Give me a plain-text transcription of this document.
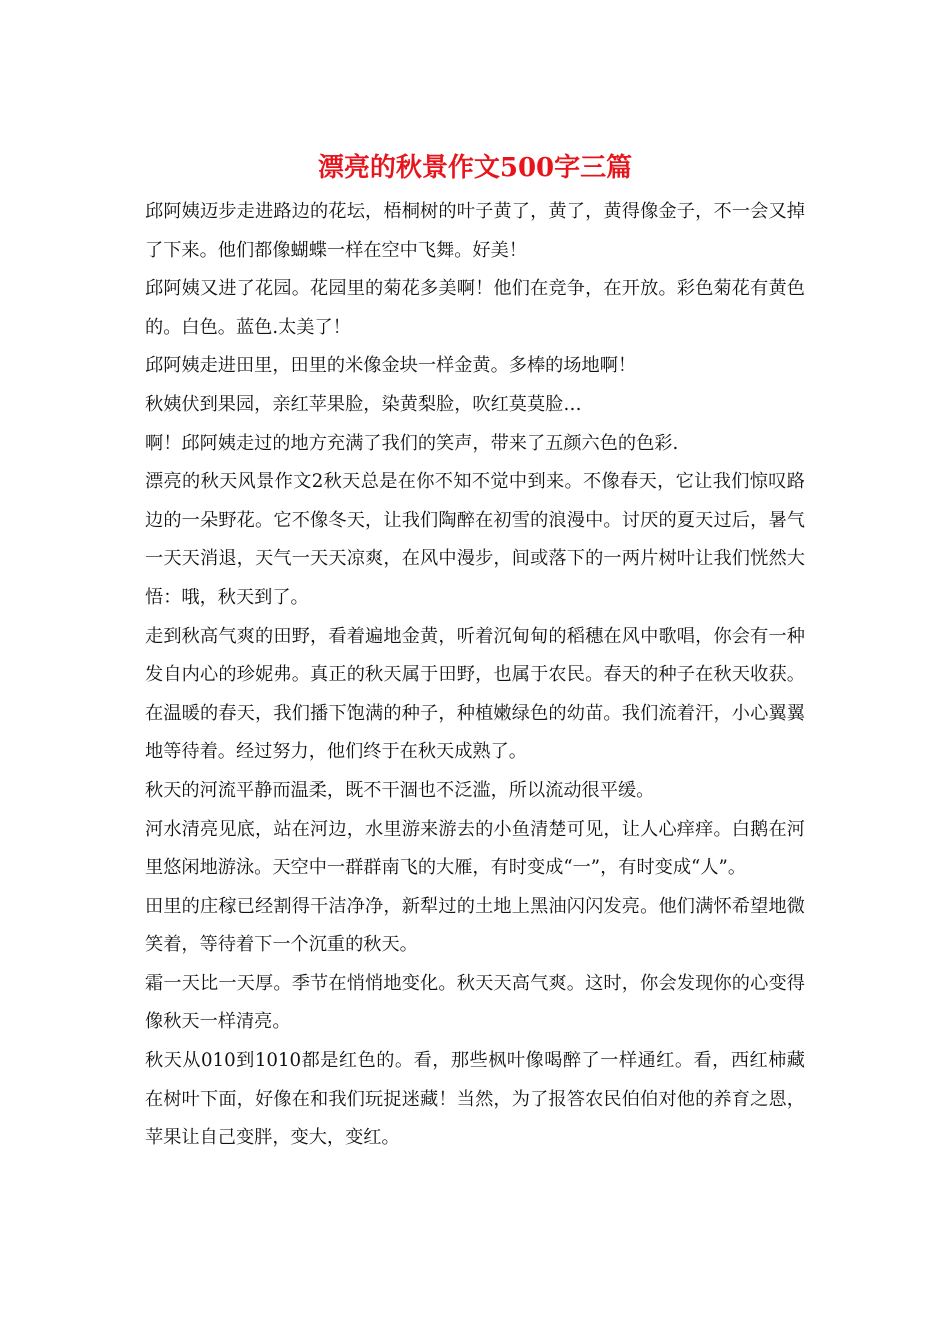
漂亮的秋景作文500字三篇

邱阿姨迈步走进路边的花坛，梧桐树的叶子黄了，黄了，黄得像金子，不一会又掉了下来。他们都像蝴蝶一样在空中飞舞。好美！

邱阿姨又进了花园。花园里的菊花多美啊！他们在竞争，在开放。彩色菊花有黄色的。白色。蓝色.太美了！

邱阿姨走进田里，田里的米像金块一样金黄。多棒的场地啊！

秋姨伏到果园，亲红苹果脸，染黄梨脸，吹红莫莫脸…

啊！邱阿姨走过的地方充满了我们的笑声，带来了五颜六色的色彩.

漂亮的秋天风景作文2秋天总是在你不知不觉中到来。不像春天，它让我们惊叹路边的一朵野花。它不像冬天，让我们陶醉在初雪的浪漫中。讨厌的夏天过后，暑气一天天消退，天气一天天凉爽，在风中漫步，间或落下的一两片树叶让我们恍然大悟：哦，秋天到了。

走到秋高气爽的田野，看着遍地金黄，听着沉甸甸的稻穗在风中歌唱，你会有一种发自内心的珍妮弗。真正的秋天属于田野，也属于农民。春天的种子在秋天收获。在温暖的春天，我们播下饱满的种子，种植嫩绿色的幼苗。我们流着汗，小心翼翼地等待着。经过努力，他们终于在秋天成熟了。

秋天的河流平静而温柔，既不干涸也不泛滥，所以流动很平缓。

河水清亮见底，站在河边，水里游来游去的小鱼清楚可见，让人心痒痒。白鹅在河里悠闲地游泳。天空中一群群南飞的大雁，有时变成“一”，有时变成“人”。

田里的庄稼已经割得干洁净净，新犁过的土地上黑油闪闪发亮。他们满怀希望地微笑着，等待着下一个沉重的秋天。

霜一天比一天厚。季节在悄悄地变化。秋天天高气爽。这时，你会发现你的心变得像秋天一样清亮。

秋天从010到1010都是红色的。看，那些枫叶像喝醉了一样通红。看，西红柿藏在树叶下面，好像在和我们玩捉迷藏！当然，为了报答农民伯伯对他的养育之恩，苹果让自己变胖，变大，变红。
